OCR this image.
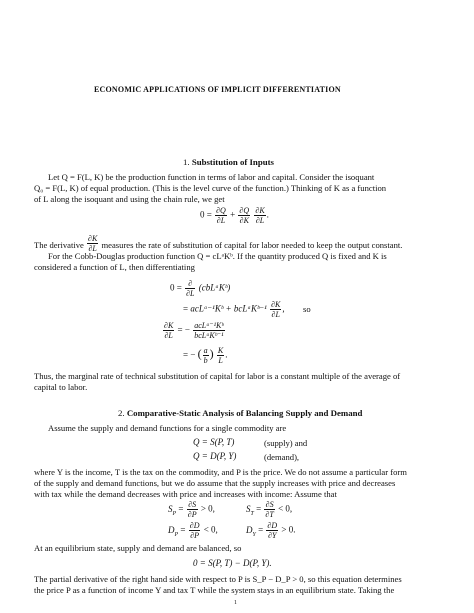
ECONOMIC APPLICATIONS OF IMPLICIT DIFFERENTIATION
1. Substitution of Inputs
Let Q = F(L, K) be the production function in terms of labor and capital. Consider the isoquant
Q₀ = F(L, K) of equal production. (This is the level curve of the function.) Thinking of K as a function
of L along the isoquant and using the chain rule, we get
$0 = \frac{\partial Q}{\partial L} + \frac{\partial Q}{\partial K}$
$\frac{\partial K}{\partial L}$ .
The derivative $\frac{\partial K}{\partial L}$ measures the rate of substitution of capital for labor needed to keep the output constant.
For the Cobb-Douglas production function Q = cLᵃKᵇ. If the quantity produced Q is fixed and K is
considered a function of L, then differentiating
$0 = \frac{\partial}{\partial L}$ (cbLᵃKᵇ)
= acLᵃ⁻¹Kᵇ + bcLᵃKᵇ⁻¹ $\frac{\partial K}{\partial L}$ , so
$\frac{\partial K}{\partial L}$ = − $\frac{\text{acLᵃ⁻¹Kᵇ}}{\text{bcLᵃKᵇ⁻¹}}$
= − ( $\frac{a}{b}$ ) $\frac{K}{L}$ .
Thus, the marginal rate of technical substitution of capital for labor is a constant multiple of the average of
capital to labor.
2. Comparative-Static Analysis of Balancing Supply and Demand
Assume the supply and demand functions for a single commodity are
Q = S(P, T)	(supply) and
Q = D(P, Y)	(demand),
where Y is the income, T is the tax on the commodity, and P is the price. We do not assume a particular form
of the supply and demand functions, but we do assume that the supply increases with price and decreases
with tax while the demand decreases with price and increases with income: Assume that
$S_P = \frac{\partial S}{\partial P} > 0$,	$S_T = \frac{\partial S}{\partial T} < 0$,
$D_P = \frac{\partial D}{\partial P} < 0$,	$D_Y = \frac{\partial D}{\partial Y} > 0$.
At an equilibrium state, supply and demand are balanced, so
0 = S(P, T) − D(P, Y).
The partial derivative of the right hand side with respect to P is S_P − D_P > 0, so this equation determines
the price P as a function of income Y and tax T while the system stays in an equilibrium state. Taking the
1
